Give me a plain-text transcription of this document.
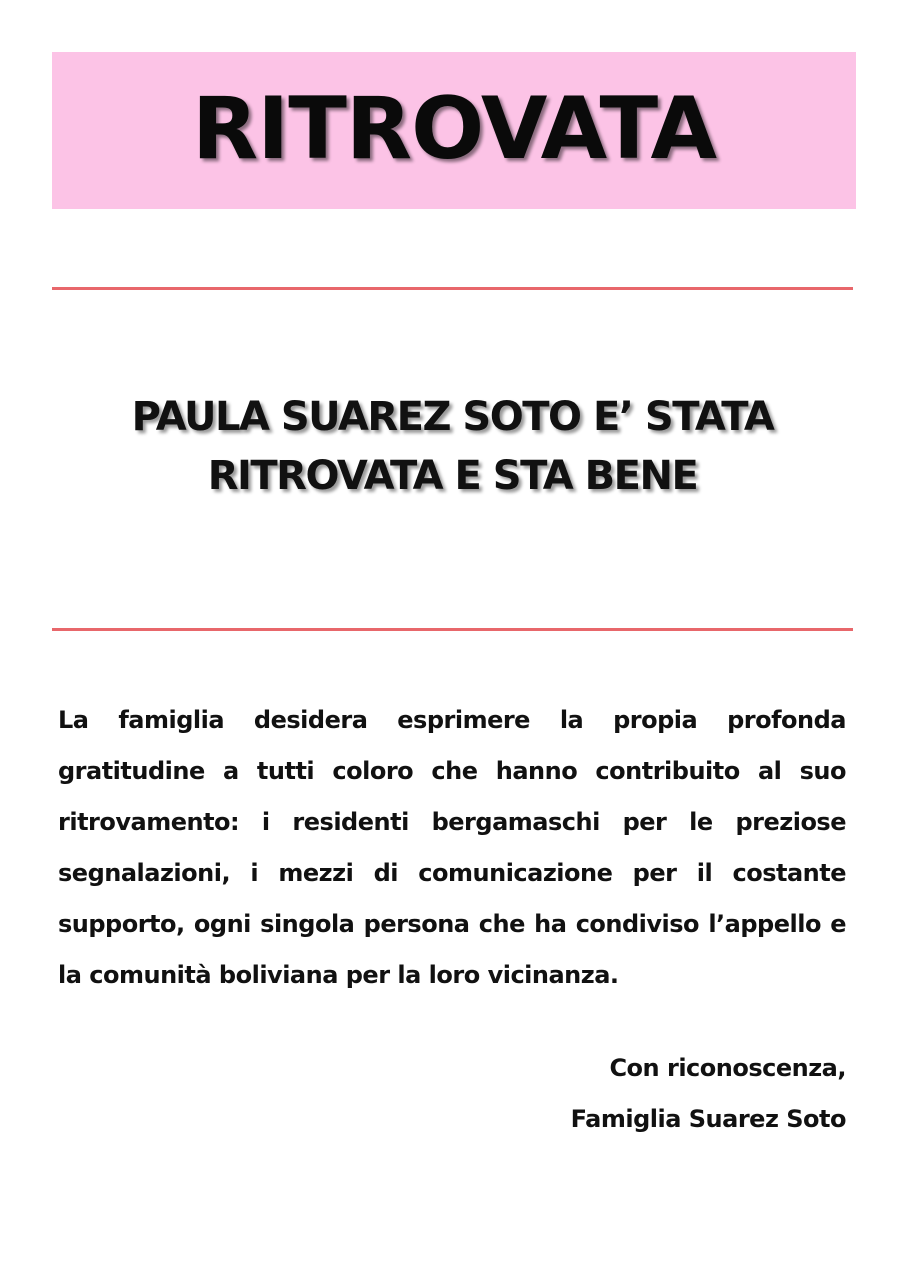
RITROVATA
PAULA SUAREZ SOTO E’ STATA
RITROVATA E STA BENE

La famiglia desidera esprimere la propia profonda gratitudine a tutti coloro che hanno contribuito al suo ritrovamento: i residenti bergamaschi per le preziose segnalazioni, i mezzi di comunicazione per il costante supporto, ogni singola persona che ha condiviso l’appello e la comunità boliviana per la loro vicinanza.

Con riconoscenza,
Famiglia Suarez Soto
